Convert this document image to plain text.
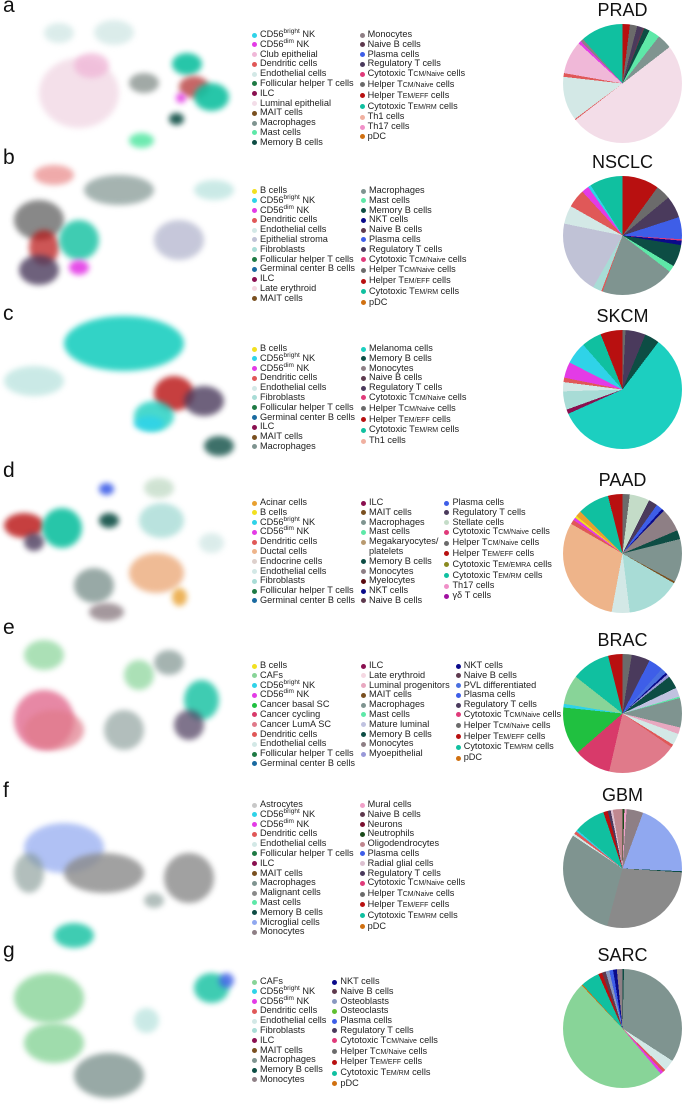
a
$CD56^{bright}$ NK
$CD56^{dim}$ NK
Club epithelial
Dendritic cells
Endothelial cells
Follicular helper T cells
ILC
Luminal epithelial
MAIT cells
Macrophages
Mast cells
Memory B cells
Monocytes
Naive B cells
Plasma cells
Regulatory T cells
Cytotoxic TCM/Naive cells
Helper TCM/Naive cells
Helper TEM/EFF cells
Cytotoxic TEM/RM cells
Th1 cells
Th17 cells
pDC
PRAD
b
B cells
$CD56^{bright}$ NK
$CD56^{dim}$ NK
Dendritic cells
Endothelial cells
Epithelial stroma
Fibroblasts
Follicular helper T cells
Germinal center B cells
ILC
Late erythroid
MAIT cells
Macrophages
Mast cells
Memory B cells
NKT cells
Naive B cells
Plasma cells
Regulatory T cells
Cytotoxic TCM/Naive cells
Helper TCM/Naive cells
Helper TEM/EFF cells
Cytotoxic TEM/RM cells
pDC
NSCLC
c
B cells
$CD56^{bright}$ NK
$CD56^{dim}$ NK
Dendritic cells
Endothelial cells
Fibroblasts
Follicular helper T cells
Germinal center B cells
ILC
MAIT cells
Macrophages
Melanoma cells
Memory B cells
Monocytes
Naive B cells
Regulatory T cells
Cytotoxic TCM/Naive cells
Helper TCM/Naive cells
Helper TEM/EFF cells
Cytotoxic TEM/RM cells
Th1 cells
SKCM
d
Acinar cells
B cells
$CD56^{bright}$ NK
$CD56^{dim}$ NK
Dendritic cells
Ductal cells
Endocrine cells
Endothelial cells
Fibroblasts
Follicular helper T cells
Germinal center B cells
ILC
MAIT cells
Macrophages
Mast cells
Megakaryocytes/
platelets
Memory B cells
Monocytes
Myelocytes
NKT cells
Naive B cells
Plasma cells
Regulatory T cells
Stellate cells
Cytotoxic TCM/Naive cells
Helper TCM/Naive cells
Helper TEM/EFF cells
Cytotoxic TEM/EMRA cells
Cytotoxic TEM/RM cells
Th17 cells
γδ T cells
PAAD
e
B cells
CAFs
$CD56^{bright}$ NK
$CD56^{dim}$ NK
Cancer basal SC
Cancer cycling
Cancer LumA SC
Dendritic cells
Endothelial cells
Follicular helper T cells
Germinal center B cells
ILC
Late erythroid
Luminal progenitors
MAIT cells
Macrophages
Mast cells
Mature luminal
Memory B cells
Monocytes
Myoepithelial
NKT cells
Naive B cells
PVL differentiated
Plasma cells
Regulatory T cells
Cytotoxic TCM/Naive cells
Helper TCM/Naive cells
Helper TEM/EFF cells
Cytotoxic TEM/RM cells
pDC
BRAC
f
Astrocytes
$CD56^{bright}$ NK
$CD56^{dim}$ NK
Dendritic cells
Endothelial cells
Follicular helper T cells
ILC
MAIT cells
Macrophages
Malignant cells
Mast cells
Memory B cells
Microglial cells
Monocytes
Mural cells
Naive B cells
Neurons
Neutrophils
Oligodendrocytes
Plasma cells
Radial glial cells
Regulatory T cells
Cytotoxic TCM/Naive cells
Helper TCM/Naive cells
Helper TEM/EFF cells
Cytotoxic TEM/RM cells
pDC
GBM
g
CAFs
$CD56^{bright}$ NK
$CD56^{dim}$ NK
Dendritic cells
Endothelial cells
Fibroblasts
ILC
MAIT cells
Macrophages
Memory B cells
Monocytes
NKT cells
Naive B cells
Osteoblasts
Osteoclasts
Plasma cells
Regulatory T cells
Cytotoxic TCM/Naive cells
Helper TCM/Naive cells
Helper TEM/EFF cells
Cytotoxic TEM/RM cells
pDC
SARC
